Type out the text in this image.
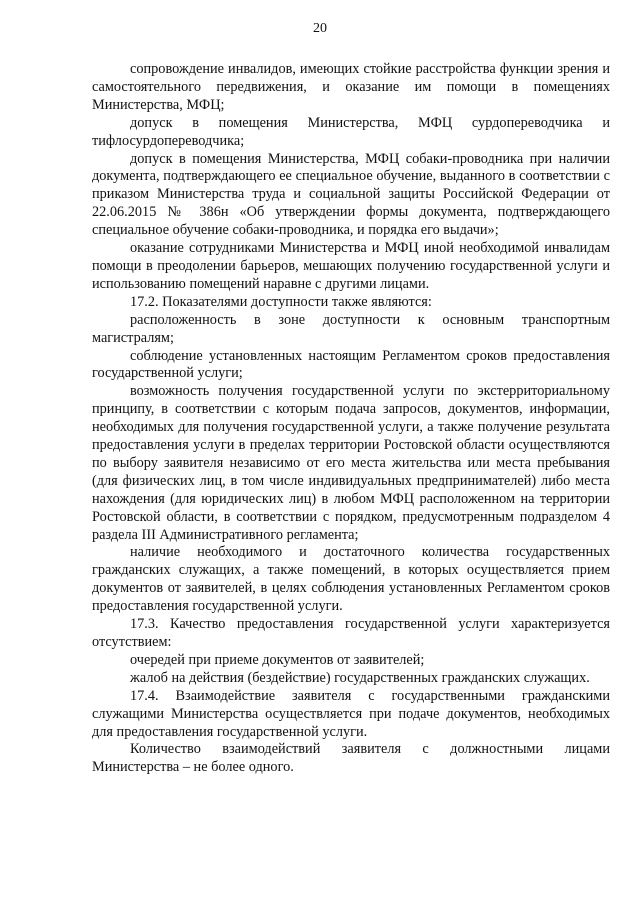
20

сопровождение инвалидов, имеющих стойкие расстройства функции зрения и самостоятельного передвижения, и оказание им помощи в помещениях Министерства, МФЦ;

допуск в помещения Министерства, МФЦ сурдопереводчика и тифлосурдопереводчика;

допуск в помещения Министерства, МФЦ собаки-проводника при наличии документа, подтверждающего ее специальное обучение, выданного в соответствии с приказом Министерства труда и социальной защиты Российской Федерации от 22.06.2015 № 386н «Об утверждении формы документа, подтверждающего специальное обучение собаки-проводника, и порядка его выдачи»;

оказание сотрудниками Министерства и МФЦ иной необходимой инвалидам помощи в преодолении барьеров, мешающих получению государственной услуги и использованию помещений наравне с другими лицами.

17.2. Показателями доступности также являются:

расположенность в зоне доступности к основным транспортным магистралям;

соблюдение установленных настоящим Регламентом сроков предоставления государственной услуги;

возможность получения государственной услуги по экстерриториальному принципу, в соответствии с которым подача запросов, документов, информации, необходимых для получения государственной услуги, а также получение результата предоставления услуги в пределах территории Ростовской области осуществляются по выбору заявителя независимо от его места жительства или места пребывания (для физических лиц, в том числе индивидуальных предпринимателей) либо места нахождения (для юридических лиц) в любом МФЦ расположенном на территории Ростовской области, в соответствии с порядком, предусмотренным подразделом 4 раздела III Административного регламента;

наличие необходимого и достаточного количества государственных гражданских служащих, а также помещений, в которых осуществляется прием документов от заявителей, в целях соблюдения установленных Регламентом сроков предоставления государственной услуги.

17.3. Качество предоставления государственной услуги характеризуется отсутствием:

очередей при приеме документов от заявителей;

жалоб на действия (бездействие) государственных гражданских служащих.

17.4. Взаимодействие заявителя с государственными гражданскими служащими Министерства осуществляется при подаче документов, необходимых для предоставления государственной услуги.

Количество взаимодействий заявителя с должностными лицами Министерства – не более одного.
